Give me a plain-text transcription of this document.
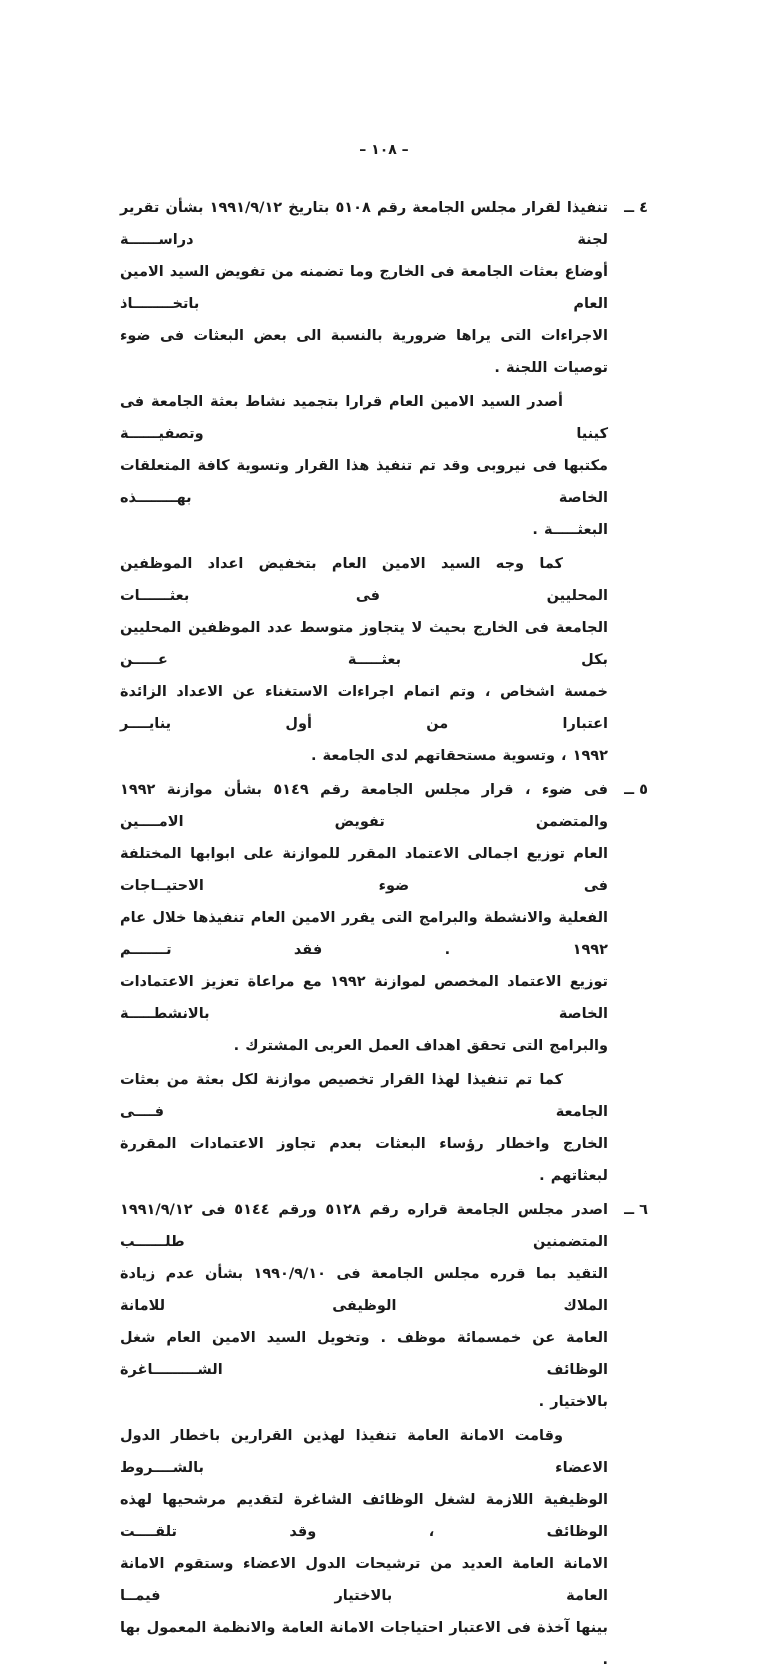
– ١٠٨ –
٤ ــ
تنفيذا لقرار مجلس الجامعة رقم ٥١٠٨ بتاريخ ١٩٩١/٩/١٢ بشأن تقرير لجنة دراســــــة
أوضاع بعثات الجامعة فى الخارج وما تضمنه من تفويض السيد الامين العام باتخــــــــاذ
الاجراءات التى يراها ضرورية بالنسبة الى بعض البعثات فى ضوء توصيات اللجنة .
أصدر السيد الامين العام قرارا بتجميد نشاط بعثة الجامعة فى كينيا وتصفيــــــة
مكتبها فى نيروبى وقد تم تنفيذ هذا القرار وتسوية كافة المتعلقات الخاصة بهــــــــذه
البعثـــــة .
كما وجه السيد الامين العام بتخفيض اعداد الموظفين المحليين فى بعثــــــات
الجامعة فى الخارج بحيث لا يتجاوز متوسط عدد الموظفين المحليين بكل بعثـــــة عـــــن
خمسة اشخاص ، وتم اتمام اجراءات الاستغناء عن الاعداد الزائدة اعتبارا من أول ينايــــر
١٩٩٢ ، وتسوية مستحقاتهم لدى الجامعة .
٥ ــ
فى ضوء ، قرار مجلس الجامعة رقم ٥١٤٩ بشأن موازنة ١٩٩٢ والمتضمن تفويض الامــــين
العام توزيع اجمالى الاعتماد المقرر للموازنة على ابوابها المختلفة فى ضوء الاحتيــاجات
الفعلية والانشطة والبرامج التى يقرر الامين العام تنفيذها خلال عام ١٩٩٢ . فقد تـــــــم
توزيع الاعتماد المخصص لموازنة ١٩٩٢ مع مراعاة تعزيز الاعتمادات الخاصة بالانشطـــــة
والبرامج التى تحقق اهداف العمل العربى المشترك .
كما تم تنفيذا لهذا القرار تخصيص موازنة لكل بعثة من بعثات الجامعة فــــى
الخارج واخطار رؤساء البعثات بعدم تجاوز الاعتمادات المقررة لبعثاتهم .
٦ ــ
اصدر مجلس الجامعة قراره رقم ٥١٢٨ ورقم ٥١٤٤ فى ١٩٩١/٩/١٢ المتضمنين طلــــــب
التقيد بما قرره مجلس الجامعة فى ١٩٩٠/٩/١٠ بشأن عدم زيادة الملاك الوظيفى للامانة
العامة عن خمسمائة موظف . وتخويل السيد الامين العام شغل الوظائف الشـــــــــاغرة
بالاختيار .
وقامت الامانة العامة تنفيذا لهذين القرارين باخطار الدول الاعضاء بالشــــروط
الوظيفية اللازمة لشغل الوظائف الشاغرة لتقديم مرشحيها لهذه الوظائف ، وقد تلقــــت
الامانة العامة العديد من ترشيحات الدول الاعضاء وستقوم الامانة العامة بالاختيار فيمــا
بينها آخذة فى الاعتبار احتياجات الامانة العامة والانظمة المعمول بها .
